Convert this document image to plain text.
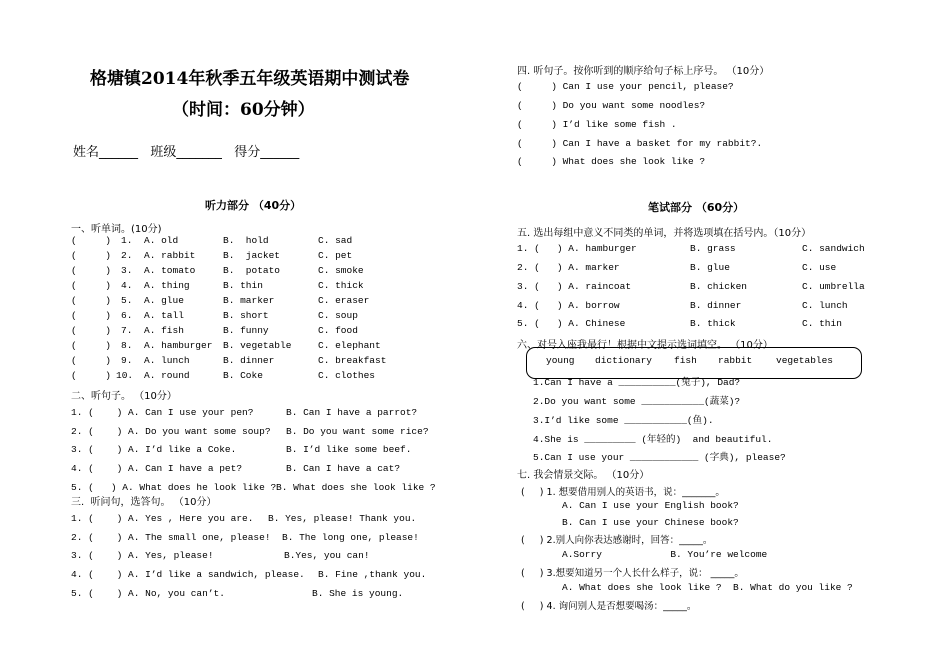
格塘镇2014年秋季五年级英语期中测试卷
（时间：60分钟）
姓名______   班级_______   得分______
听力部分 （40分）
一、听单词。(10分)
(     ) 1. A. old	B.  hold	C. sad
(     ) 2. A. rabbit	B.  jacket	C. pet
(     ) 3. A. tomato	B.  potato	C. smoke
(     ) 4. A. thing	B. thin	C. thick
(     ) 5. A. glue	B. marker	C. eraser
(     ) 6. A. tall	B. short	C. soup
(     ) 7. A. fish	B. funny	C. food
(     ) 8. A. hamburger B. vegetable	C. elephant
(     ) 9. A. lunch	B. dinner	C. breakfast
(     ) 10. A. round	B. Coke	C. clothes
二、听句子。 （10分）
1. (    ) A. Can I use your pen?	B. Can I have a parrot?
2. (    ) A. Do you want some soup? B. Do you want some rice?
3. (    ) A. I’d like a Coke.	B. I’d like some beef.
4. (    ) A. Can I have a pet?	B. Can I have a cat?
5. (   ) A. What does he look like ? B. What does she look like ?
三.  听问句，选答句。 （10分）
1. (    ) A. Yes , Here you are. B. Yes, please! Thank you.
2. (    ) A. The small one, please! B. The long one, please!
3. (    ) A. Yes, please!	B.Yes, you can!
4. (    ) A. I’d like a sandwich, please. B. Fine ,thank you.
5. (    ) A. No, you can’t.	B. She is young.
四. 听句子。按你听到的顺序给句子标上序号。 （10分）
(     ) Can I use your pencil, please?
(     ) Do you want some noodles?
(     ) I’d like some fish .
(     ) Can I have a basket for my rabbit?.
(     ) What does she look like ?
笔试部分 （60分）
五. 选出每组中意义不同类的单词，并将选项填在括号内。（10分）
1. (   ) A. hamburger	B. grass	C. sandwich
2. (   ) A. marker	B. glue	C. use
3. (   ) A. raincoat	B. chicken	C. umbrella
4. (   ) A. borrow	B. dinner	C. lunch
5. (   ) A. Chinese	B. thick	C. thin
六、对号入座我最行！根据中文提示选词填空。 （10分）
young dictionary fish rabbit	vegetables
1.Can I have a __________(兔子), Dad?
2.Do you want some ___________(蔬菜)?
3.I’d like some ___________(鱼).
4.She is _________ (年轻的)  and beautiful.
5.Can I use your ____________ (字典), please?
七. 我会情景交际。 （10分）
(     ) 1. 想要借用别人的英语书，说：_______。
A. Can I use your English book?
B. Can I use your Chinese book?
(     ) 2.别人向你表达感谢时，回答：_____。
A.Sorry            B. You’re welcome
(     ) 3.想要知道另一个人长什么样子，说： _____。
A. What does she look like ?  B. What do you like ?
(     ) 4. 询问别人是否想要喝汤：_____。
